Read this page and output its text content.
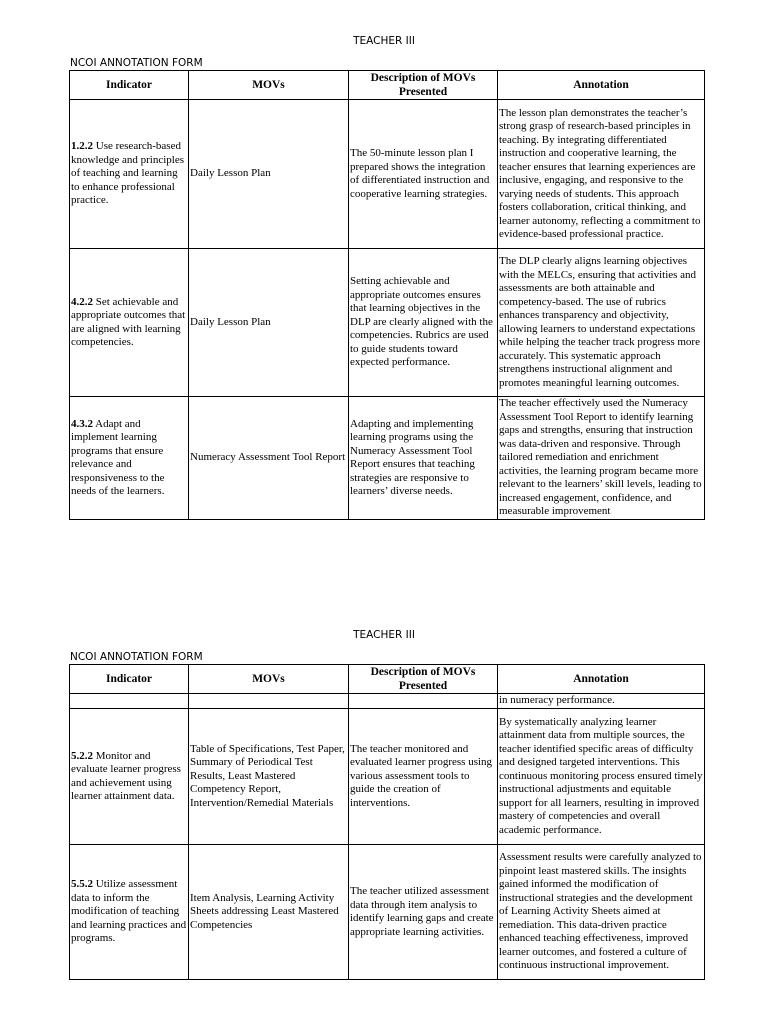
TEACHER III
NCOI ANNOTATION FORM
Indicator	MOVs	Description of MOVs Presented	Annotation
1.2.2 Use research-based knowledge and principles of teaching and learning to enhance professional practice.	Daily Lesson Plan	The 50-minute lesson plan I prepared shows the integration of differentiated instruction and cooperative learning strategies.	The lesson plan demonstrates the teacher’s strong grasp of research-based principles in teaching. By integrating differentiated instruction and cooperative learning, the teacher ensures that learning experiences are inclusive, engaging, and responsive to the varying needs of students. This approach fosters collaboration, critical thinking, and learner autonomy, reflecting a commitment to evidence-based professional practice.
4.2.2 Set achievable and appropriate outcomes that are aligned with learning competencies.	Daily Lesson Plan	Setting achievable and appropriate outcomes ensures that learning objectives in the DLP are clearly aligned with the competencies. Rubrics are used to guide students toward expected performance.	The DLP clearly aligns learning objectives with the MELCs, ensuring that activities and assessments are both attainable and competency-based. The use of rubrics enhances transparency and objectivity, allowing learners to understand expectations while helping the teacher track progress more accurately. This systematic approach strengthens instructional alignment and promotes meaningful learning outcomes.
4.3.2 Adapt and implement learning programs that ensure relevance and responsiveness to the needs of the learners.	Numeracy Assessment Tool Report	Adapting and implementing learning programs using the Numeracy Assessment Tool Report ensures that teaching strategies are responsive to learners’ diverse needs.	The teacher effectively used the Numeracy Assessment Tool Report to identify learning gaps and strengths, ensuring that instruction was data-driven and responsive. Through tailored remediation and enrichment activities, the learning program became more relevant to the learners’ skill levels, leading to increased engagement, confidence, and measurable improvement
TEACHER III
NCOI ANNOTATION FORM
Indicator	MOVs	Description of MOVs Presented	Annotation
			in numeracy performance.
5.2.2 Monitor and evaluate learner progress and achievement using learner attainment data.	Table of Specifications, Test Paper, Summary of Periodical Test Results, Least Mastered Competency Report, Intervention/Remedial Materials	The teacher monitored and evaluated learner progress using various assessment tools to guide the creation of interventions.	By systematically analyzing learner attainment data from multiple sources, the teacher identified specific areas of difficulty and designed targeted interventions. This continuous monitoring process ensured timely instructional adjustments and equitable support for all learners, resulting in improved mastery of competencies and overall academic performance.
5.5.2 Utilize assessment data to inform the modification of teaching and learning practices and programs.	Item Analysis, Learning Activity Sheets addressing Least Mastered Competencies	The teacher utilized assessment data through item analysis to identify learning gaps and create appropriate learning activities.	Assessment results were carefully analyzed to pinpoint least mastered skills. The insights gained informed the modification of instructional strategies and the development of Learning Activity Sheets aimed at remediation. This data-driven practice enhanced teaching effectiveness, improved learner outcomes, and fostered a culture of continuous instructional improvement.
